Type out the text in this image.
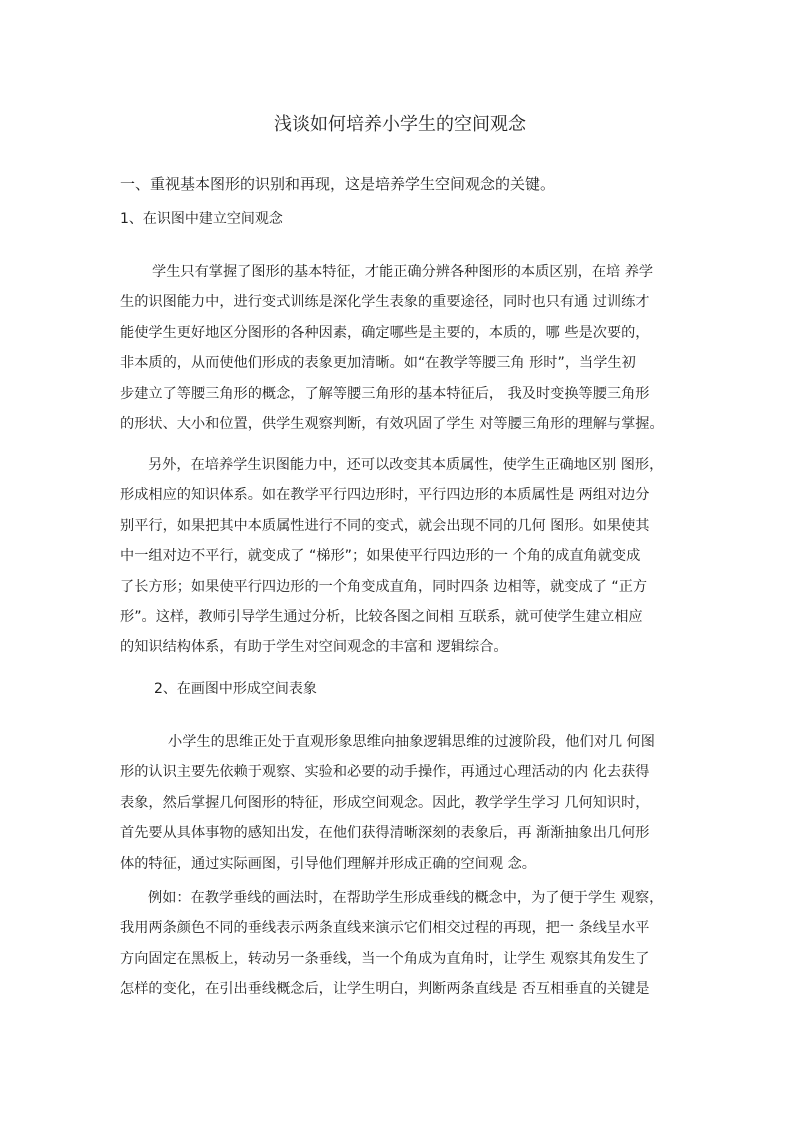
浅谈如何培养小学生的空间观念
一、重视基本图形的识别和再现，这是培养学生空间观念的关键。
1、在识图中建立空间观念
学生只有掌握了图形的基本特征，才能正确分辨各种图形的本质区别，在培 养学
生的识图能力中，进行变式训练是深化学生表象的重要途径，同时也只有通 过训练才
能使学生更好地区分图形的各种因素，确定哪些是主要的，本质的，哪 些是次要的，
非本质的，从而使他们形成的表象更加清晰。如“在教学等腰三角 形时”，当学生初
步建立了等腰三角形的概念，了解等腰三角形的基本特征后， 我及时变换等腰三角形
的形状、大小和位置，供学生观察判断，有效巩固了学生 对等腰三角形的理解与掌握。
另外，在培养学生识图能力中，还可以改变其本质属性，使学生正确地区别 图形，
形成相应的知识体系。如在教学平行四边形时，平行四边形的本质属性是 两组对边分
别平行，如果把其中本质属性进行不同的变式，就会出现不同的几何 图形。如果使其
中一组对边不平行，就变成了 “梯形”；如果使平行四边形的一 个角的成直角就变成
了长方形；如果使平行四边形的一个角变成直角，同时四条 边相等，就变成了 “正方
形”。这样，教师引导学生通过分析，比较各图之间相 互联系，就可使学生建立相应
的知识结构体系，有助于学生对空间观念的丰富和 逻辑综合。
2、在画图中形成空间表象
小学生的思维正处于直观形象思维向抽象逻辑思维的过渡阶段，他们对几 何图
形的认识主要先依赖于观察、实验和必要的动手操作，再通过心理活动的内 化去获得
表象，然后掌握几何图形的特征，形成空间观念。因此，教学学生学习 几何知识时，
首先要从具体事物的感知出发，在他们获得清晰深刻的表象后，再 渐渐抽象出几何形
体的特征，通过实际画图，引导他们理解并形成正确的空间观 念。
例如：在教学垂线的画法时，在帮助学生形成垂线的概念中，为了便于学生 观察，
我用两条颜色不同的垂线表示两条直线来演示它们相交过程的再现，把一 条线呈水平
方向固定在黑板上，转动另一条垂线，当一个角成为直角时，让学生 观察其角发生了
怎样的变化，在引出垂线概念后，让学生明白，判断两条直线是 否互相垂直的关键是
